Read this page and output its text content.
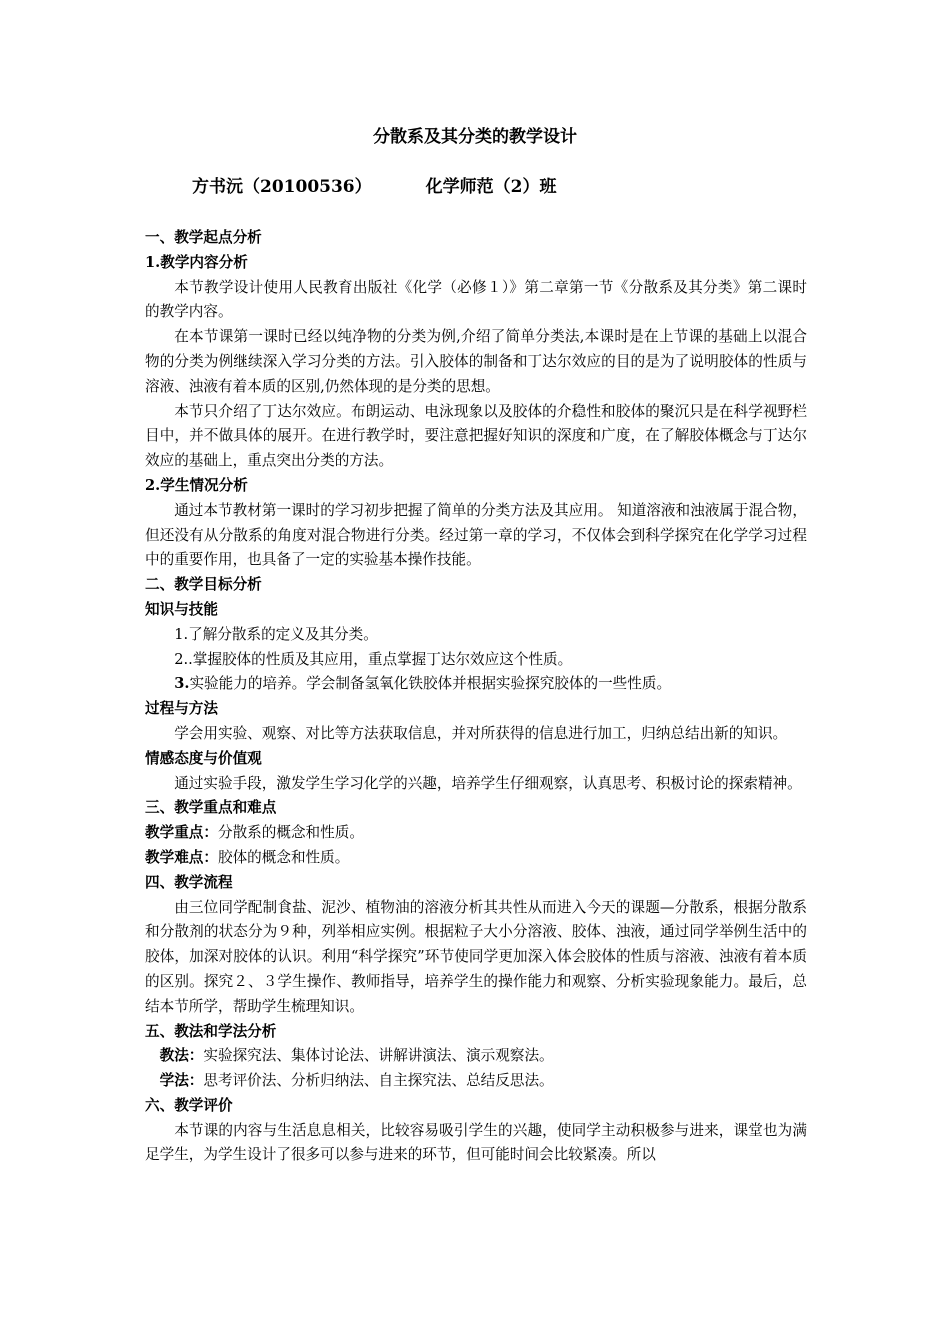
分散系及其分类的教学设计
方书沅（20100536）	化学师范（2）班

一、教学起点分析

1.教学内容分析

本节教学设计使用人民教育出版社《化学（必修１）》第二章第一节《分散系及其分类》第二课时的教学内容。

在本节课第一课时已经以纯净物的分类为例,介绍了简单分类法,本课时是在上节课的基础上以混合物的分类为例继续深入学习分类的方法。引入胶体的制备和丁达尔效应的目的是为了说明胶体的性质与溶液、浊液有着本质的区别,仍然体现的是分类的思想。

本节只介绍了丁达尔效应。布朗运动、电泳现象以及胶体的介稳性和胶体的聚沉只是在科学视野栏目中，并不做具体的展开。在进行教学时，要注意把握好知识的深度和广度，在了解胶体概念与丁达尔效应的基础上，重点突出分类的方法。

2.学生情况分析

通过本节教材第一课时的学习初步把握了简单的分类方法及其应用。 知道溶液和浊液属于混合物，但还没有从分散系的角度对混合物进行分类。经过第一章的学习，不仅体会到科学探究在化学学习过程中的重要作用，也具备了一定的实验基本操作技能。

二、教学目标分析

知识与技能

1.了解分散系的定义及其分类。

2..掌握胶体的性质及其应用，重点掌握丁达尔效应这个性质。

3.实验能力的培养。学会制备氢氧化铁胶体并根据实验探究胶体的一些性质。

过程与方法

学会用实验、观察、对比等方法获取信息，并对所获得的信息进行加工，归纳总结出新的知识。

情感态度与价值观

通过实验手段，激发学生学习化学的兴趣，培养学生仔细观察，认真思考、积极讨论的探索精神。

三、教学重点和难点

教学重点：分散系的概念和性质。

教学难点：胶体的概念和性质。

四、教学流程

由三位同学配制食盐、泥沙、植物油的溶液分析其共性从而进入今天的课题—分散系，根据分散系和分散剂的状态分为９种，列举相应实例。根据粒子大小分溶液、胶体、浊液，通过同学举例生活中的胶体，加深对胶体的认识。利用“科学探究”环节使同学更加深入体会胶体的性质与溶液、浊液有着本质的区别。探究２、３学生操作、教师指导，培养学生的操作能力和观察、分析实验现象能力。最后，总结本节所学，帮助学生梳理知识。

五、教法和学法分析

教法：实验探究法、集体讨论法、讲解讲演法、演示观察法。

学法：思考评价法、分析归纳法、自主探究法、总结反思法。

六、教学评价

本节课的内容与生活息息相关，比较容易吸引学生的兴趣，使同学主动积极参与进来，课堂也为满足学生，为学生设计了很多可以参与进来的环节，但可能时间会比较紧凑。所以
